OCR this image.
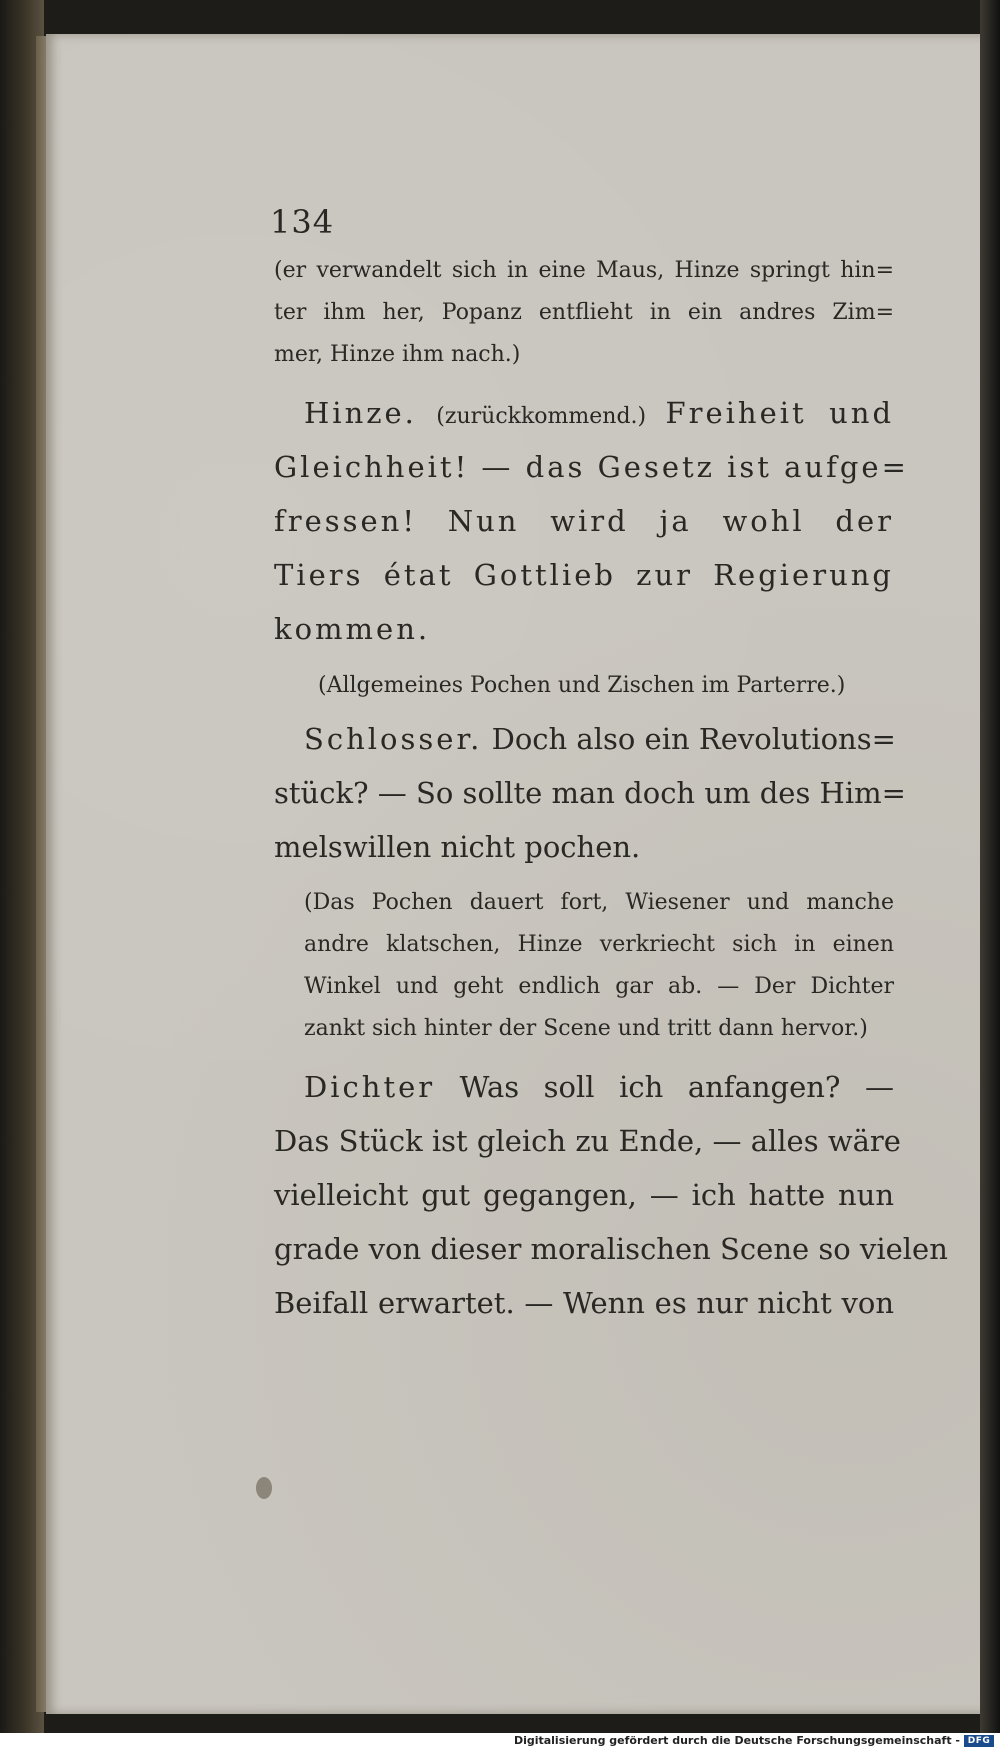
134
(er verwandelt sich in eine Maus, Hinze springt hin=
ter ihm her, Popanz entflieht in ein andres Zim=
mer, Hinze ihm nach.)
Hinze. (zurückkommend.) Freiheit und
Gleichheit! — das Gesetz ist aufge=
fressen! Nun wird ja wohl der
Tiers état Gottlieb zur Regierung
kommen.
(Allgemeines Pochen und Zischen im Parterre.)
Schlosser. Doch also ein Revolutions=
stück? — So sollte man doch um des Him=
melswillen nicht pochen.
(Das Pochen dauert fort, Wiesener und manche
andre klatschen, Hinze verkriecht sich in einen
Winkel und geht endlich gar ab. — Der Dichter
zankt sich hinter der Scene und tritt dann hervor.)
Dichter Was soll ich anfangen? —
Das Stück ist gleich zu Ende, — alles wäre
vielleicht gut gegangen, — ich hatte nun
grade von dieser moralischen Scene so vielen
Beifall erwartet. — Wenn es nur nicht von
Digitalisierung gefördert durch die Deutsche Forschungsgemeinschaft - DFG
